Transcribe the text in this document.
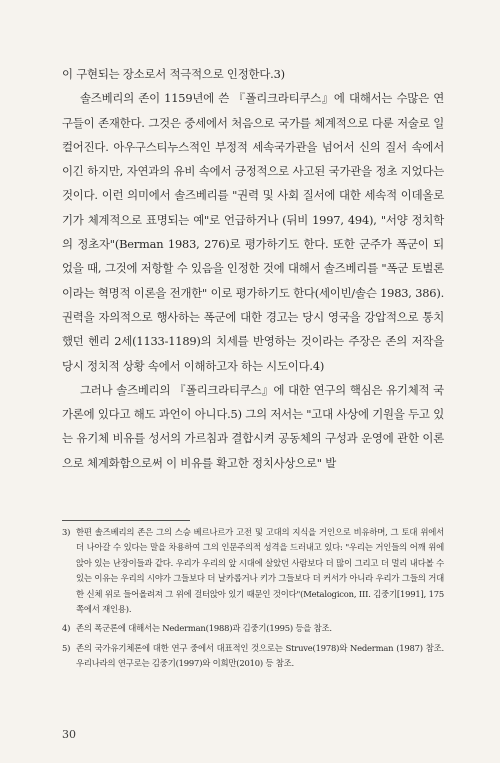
이 구현되는 장소로서 적극적으로 인정한다.3)

솔즈베리의 존이 1159년에 쓴 『폴리크라티쿠스』에 대해서는 수많은 연구들이 존재한다. 그것은 중세에서 처음으로 국가를 체계적으로 다룬 저술로 일컬어진다. 아우구스티누스적인 부정적 세속국가관을 넘어서 신의 질서 속에서이긴 하지만, 자연과의 유비 속에서 긍정적으로 사고된 국가관을 정초 지었다는 것이다. 이런 의미에서 솔즈베리를 "권력 및 사회 질서에 대한 세속적 이데올로기가 체계적으로 표명되는 예"로 언급하거나 (뒤비 1997, 494), "서양 정치학의 정초자"(Berman 1983, 276)로 평가하기도 한다. 또한 군주가 폭군이 되었을 때, 그것에 저항할 수 있음을 인정한 것에 대해서 솔즈베리를 "폭군 토벌론이라는 혁명적 이론을 전개한" 이로 평가하기도 한다(세이빈/솔슨 1983, 386). 권력을 자의적으로 행사하는 폭군에 대한 경고는 당시 영국을 강압적으로 통치했던 헨리 2세(1133-1189)의 치세를 반영하는 것이라는 주장은 존의 저작을 당시 정치적 상황 속에서 이해하고자 하는 시도이다.4)

그러나 솔즈베리의 『폴리크라티쿠스』에 대한 연구의 핵심은 유기체적 국가론에 있다고 해도 과언이 아니다.5) 그의 저서는 "고대 사상에 기원을 두고 있는 유기체 비유를 성서의 가르침과 결합시켜 공동체의 구성과 운영에 관한 이론으로 체계화함으로써 이 비유를 확고한 정치사상으로" 발

3) 한편 솔즈베리의 존은 그의 스승 베르나르가 고전 및 고대의 지식을 거인으로 비유하며, 그 토대 위에서 더 나아갈 수 있다는 말을 차용하여 그의 인문주의적 성격을 드러내고 있다: "우리는 거인들의 어깨 위에 앉아 있는 난장이들과 같다. 우리가 우리의 앞 시대에 살았던 사람보다 더 많이 그리고 더 멀리 내다볼 수 있는 이유는 우리의 시야가 그들보다 더 날카롭거나 키가 그들보다 더 커서가 아니라 우리가 그들의 거대한 신체 위로 들어올려져 그 위에 걸터앉아 있기 때문인 것이다"(Metalogicon, III. 김중기[1991], 175쪽에서 재인용).
4) 존의 폭군론에 대해서는 Nederman(1988)과 김중기(1995) 등을 참조.
5) 존의 국가유기체론에 대한 연구 중에서 대표적인 것으로는 Struve(1978)와 Nederman (1987) 참조. 우리나라의 연구로는 김중기(1997)와 이희만(2010) 등 참조.
30
